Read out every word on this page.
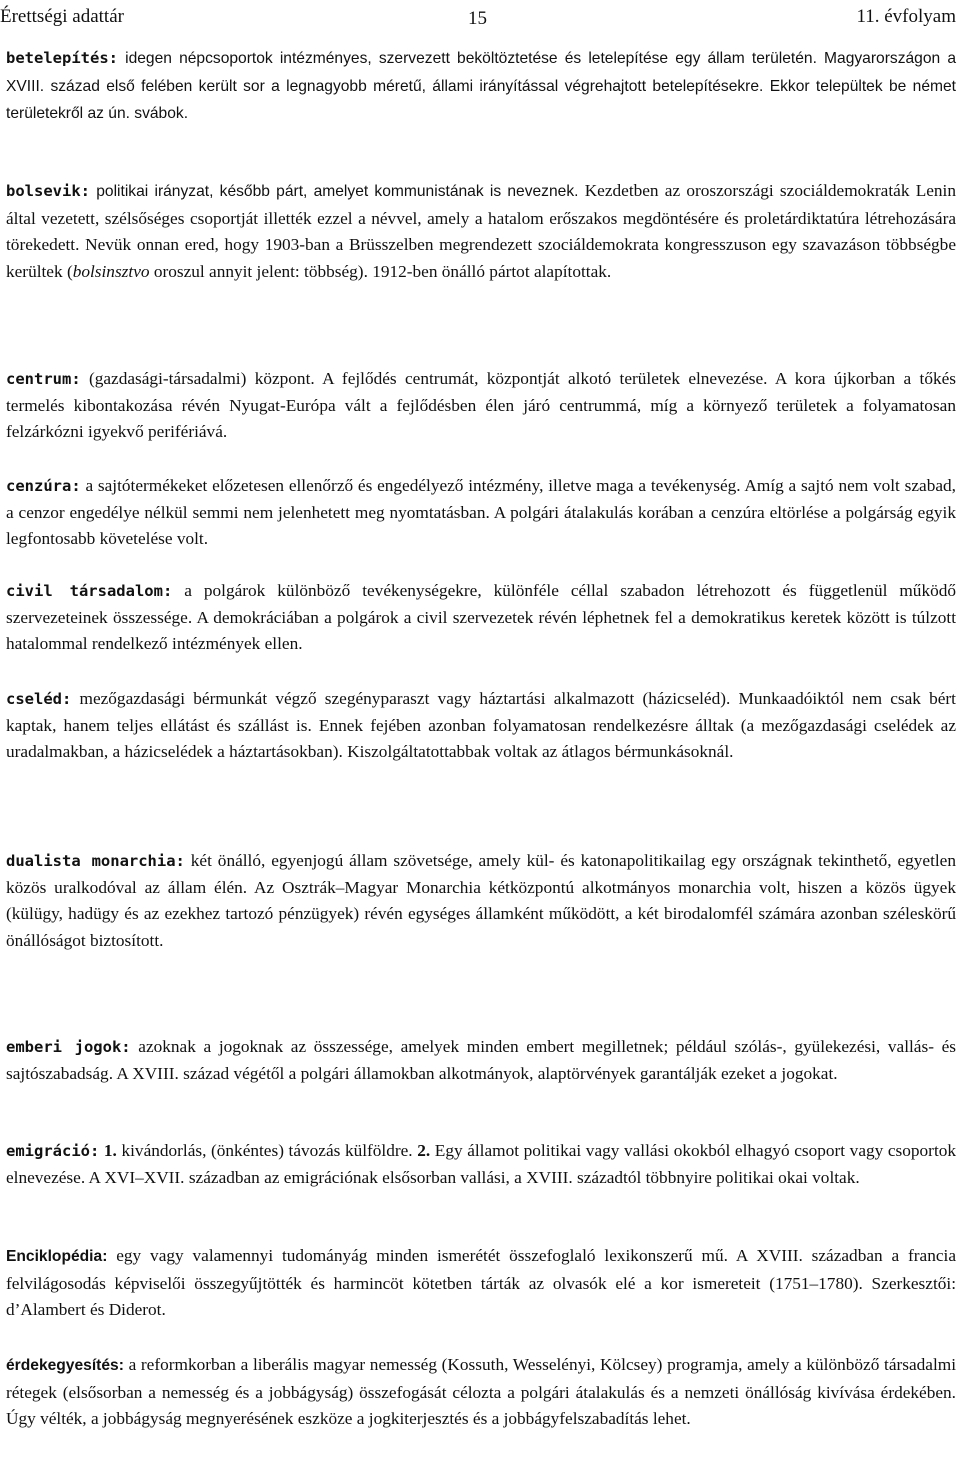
Érettségi adattár	15	11. évfolyam

betelepítés: idegen népcsoportok intézményes, szervezett beköltöztetése és letelepítése egy állam területén. Magyarországon a XVIII. század első felében került sor a legnagyobb méretű, állami irányítással végrehajtott betelepítésekre. Ekkor települtek be német területekről az ún. svábok.

bolsevik: politikai irányzat, később párt, amelyet kommunistának is neveznek. Kezdetben az oroszországi szociáldemokraták Lenin által vezetett, szélsőséges csoportját illették ezzel a névvel, amely a hatalom erőszakos megdöntésére és proletárdiktatúra létrehozására törekedett. Nevük onnan ered, hogy 1903-ban a Brüsszelben megrendezett szociáldemokrata kongresszuson egy szavazáson többségbe kerültek (bolsinsztvo oroszul annyit jelent: többség). 1912-ben önálló pártot alapítottak.

centrum: (gazdasági-társadalmi) központ. A fejlődés centrumát, központját alkotó területek elnevezése. A kora újkorban a tőkés termelés kibontakozása révén Nyugat-Európa vált a fejlődésben élen járó centrummá, míg a környező területek a folyamatosan felzárkózni igyekvő perifériává.

cenzúra: a sajtótermékeket előzetesen ellenőrző és engedélyező intézmény, illetve maga a tevékenység. Amíg a sajtó nem volt szabad, a cenzor engedélye nélkül semmi nem jelenhetett meg nyomtatásban. A polgári átalakulás korában a cenzúra eltörlése a polgárság egyik legfontosabb követelése volt.

civil társadalom: a polgárok különböző tevékenységekre, különféle céllal szabadon létrehozott és függetlenül működő szervezeteinek összessége. A demokráciában a polgárok a civil szervezetek révén léphetnek fel a demokratikus keretek között is túlzott hatalommal rendelkező intézmények ellen.

cseléd: mezőgazdasági bérmunkát végző szegényparaszt vagy háztartási alkalmazott (házicseléd). Munkaadóiktól nem csak bért kaptak, hanem teljes ellátást és szállást is. Ennek fejében azonban folyamatosan rendelkezésre álltak (a mezőgazdasági cselédek az uradalmakban, a házicselédek a háztartásokban). Kiszolgáltatottabbak voltak az átlagos bérmunkásoknál.

dualista monarchia: két önálló, egyenjogú állam szövetsége, amely kül- és katonapolitikailag egy országnak tekinthető, egyetlen közös uralkodóval az állam élén. Az Osztrák–Magyar Monarchia kétközpontú alkotmányos monarchia volt, hiszen a közös ügyek (külügy, hadügy és az ezekhez tartozó pénzügyek) révén egységes államként működött, a két birodalomfél számára azonban széleskörű önállóságot biztosított.

emberi jogok: azoknak a jogoknak az összessége, amelyek minden embert megilletnek; például szólás-, gyülekezési, vallás- és sajtószabadság. A XVIII. század végétől a polgári államokban alkotmányok, alaptörvények garantálják ezeket a jogokat.

emigráció: 1. kivándorlás, (önkéntes) távozás külföldre. 2. Egy államot politikai vagy vallási okokból elhagyó csoport vagy csoportok elnevezése. A XVI–XVII. században az emigrációnak elsősorban vallási, a XVIII. századtól többnyire politikai okai voltak.

Enciklopédia: egy vagy valamennyi tudományág minden ismerétét összefoglaló lexikonszerű mű. A XVIII. században a francia felvilágosodás képviselői összegyűjtötték és harmincöt kötetben tárták az olvasók elé a kor ismereteit (1751–1780). Szerkesztői: d’Alambert és Diderot.

érdekegyesítés: a reformkorban a liberális magyar nemesség (Kossuth, Wesselényi, Kölcsey) programja, amely a különböző társadalmi rétegek (elsősorban a nemesség és a jobbágyság) összefogását célozta a polgári átalakulás és a nemzeti önállóság kivívása érdekében. Úgy vélték, a jobbágyság megnyerésének eszköze a jogkiterjesztés és a jobbágyfelszabadítás lehet.
